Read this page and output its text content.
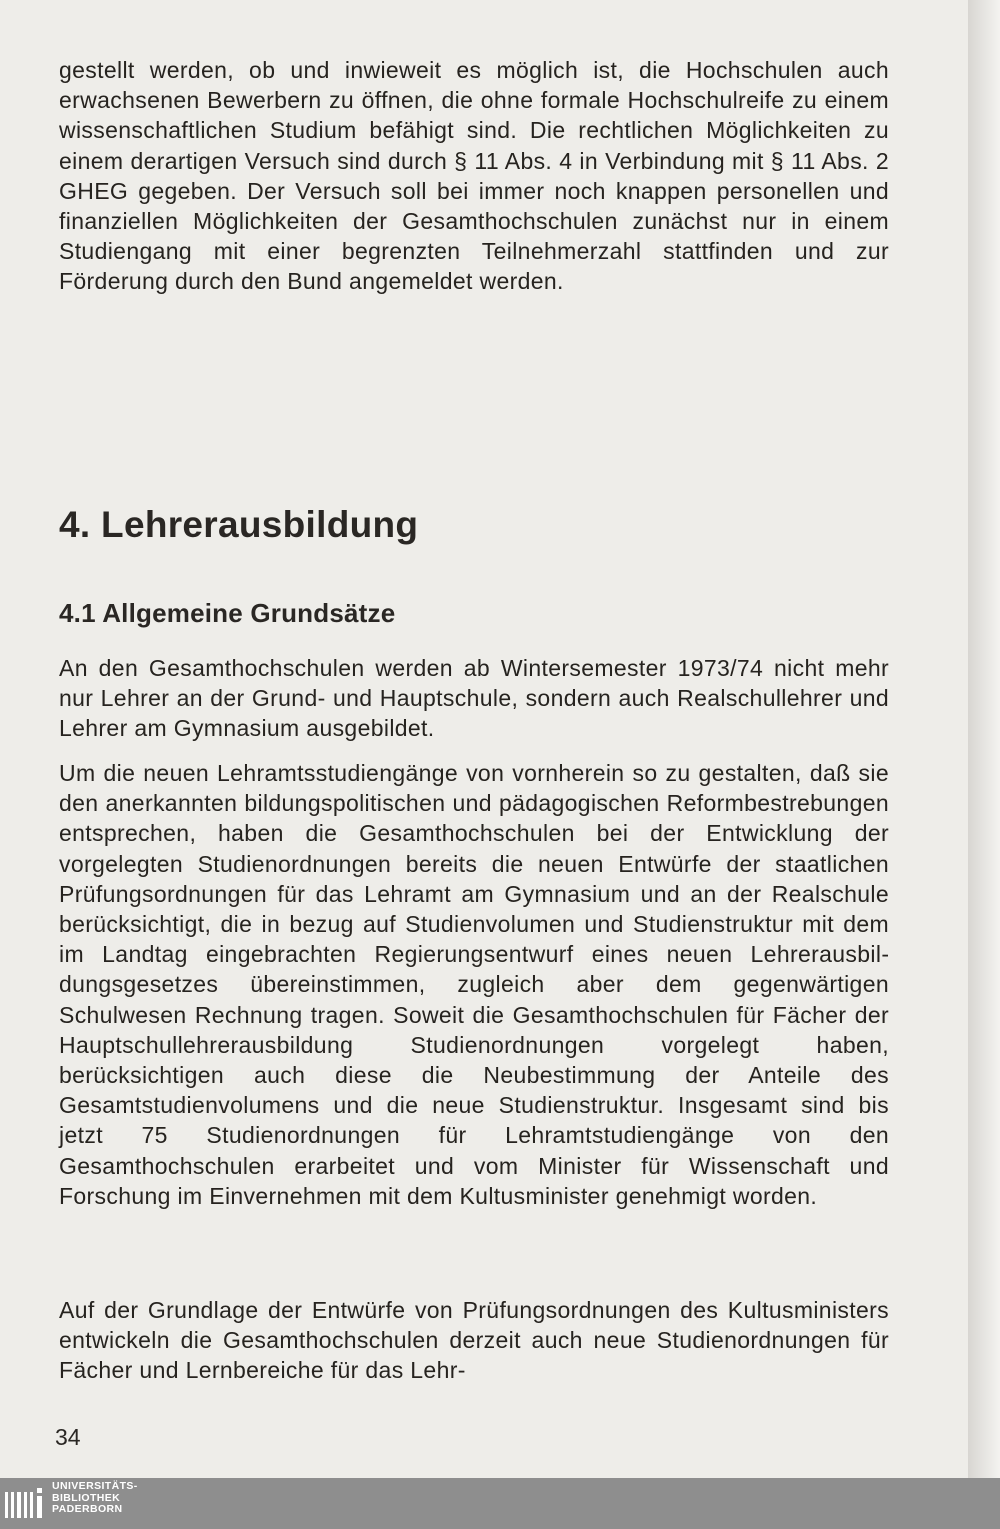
gestellt werden, ob und inwieweit es möglich ist, die Hochschulen auch erwachsenen Bewerbern zu öffnen, die ohne formale Hochschulreife zu einem wissenschaftlichen Studium befähigt sind. Die rechtlichen Möglichkeiten zu einem derartigen Versuch sind durch § 11 Abs. 4 in Verbindung mit § 11 Abs. 2 GHEG gegeben. Der Versuch soll bei immer noch knappen personellen und finanziellen Möglichkeiten der Gesamthochschulen zunächst nur in einem Studiengang mit einer begrenzten Teilnehmerzahl stattfinden und zur Förderung durch den Bund angemeldet werden.

4. Lehrerausbildung
4.1 Allgemeine Grundsätze

An den Gesamthochschulen werden ab Wintersemester 1973/74 nicht mehr nur Lehrer an der Grund- und Hauptschule, sondern auch Realschullehrer und Lehrer am Gymnasium ausgebildet.

Um die neuen Lehramtsstudiengänge von vornherein so zu gestalten, daß sie den anerkannten bildungspolitischen und pädagogischen Reformbestrebungen entsprechen, haben die Gesamthochschulen bei der Entwicklung der vorgelegten Studienordnungen bereits die neuen Entwürfe der staatlichen Prüfungsordnungen für das Lehramt am Gymnasium und an der Realschule berücksichtigt, die in bezug auf Studienvolumen und Studienstruktur mit dem im Landtag eingebrachten Regierungsentwurf eines neuen Lehrerausbildungsgesetzes übereinstimmen, zugleich aber dem gegenwärtigen Schulwesen Rechnung tragen. Soweit die Gesamthochschulen für Fächer der Hauptschullehrerausbildung Studienordnungen vorgelegt haben, berücksichtigen auch diese die Neubestimmung der Anteile des Gesamtstudienvolumens und die neue Studienstruktur. Insgesamt sind bis jetzt 75 Studienordnungen für Lehramtstudiengänge von den Gesamthochschulen erarbeitet und vom Minister für Wissenschaft und Forschung im Einvernehmen mit dem Kultusminister genehmigt worden.

Auf der Grundlage der Entwürfe von Prüfungsordnungen des Kultusministers entwickeln die Gesamthochschulen derzeit auch neue Studienordnungen für Fächer und Lernbereiche für das Lehr-

34
UNIVERSITÄTS-
BIBLIOTHEK
PADERBORN
